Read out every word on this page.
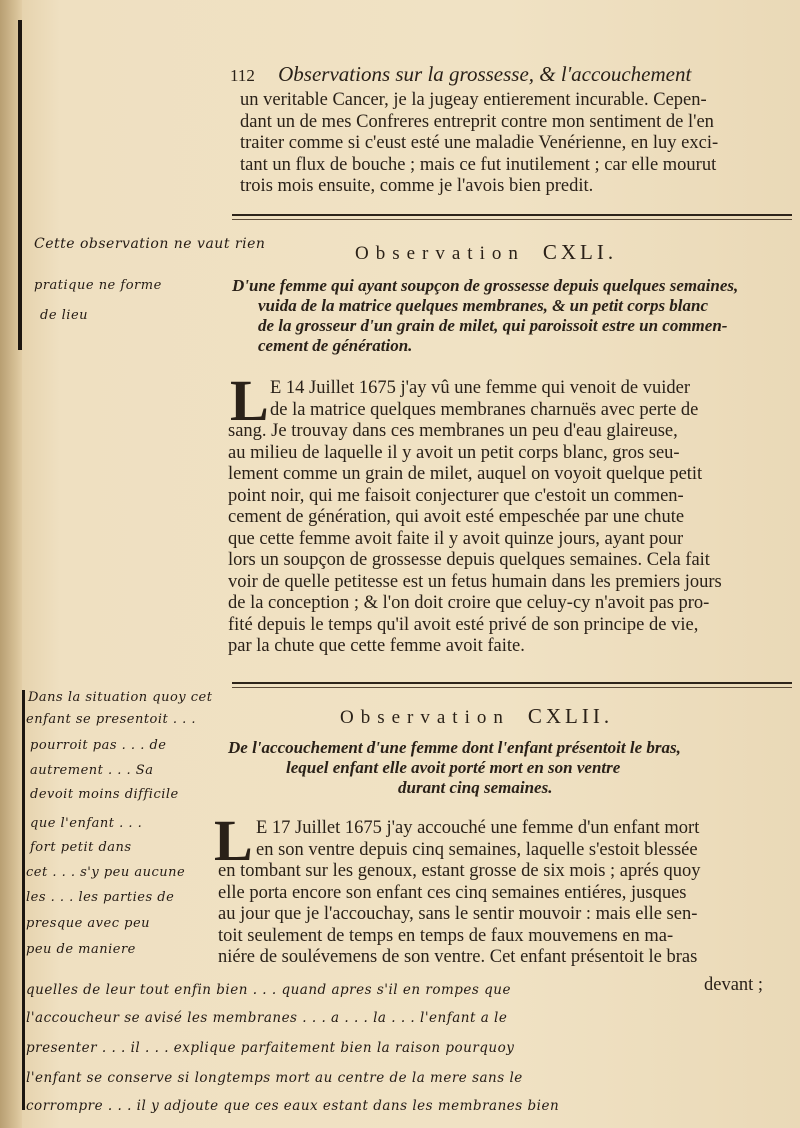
112 Observations sur la grossesse, & l'accouchement
un veritable Cancer, je la jugeay entierement incurable. Cepen-
dant un de mes Confreres entreprit contre mon sentiment de l'en
traiter comme si c'eust esté une maladie Venérienne, en luy exci-
tant un flux de bouche ; mais ce fut inutilement ; car elle mourut
trois mois ensuite, comme je l'avois bien predit.
Observation CXLI.
D'une femme qui ayant soupçon de grossesse depuis quelques semaines,
vuida de la matrice quelques membranes, & un petit corps blanc
de la grosseur d'un grain de milet, qui paroissoit estre un commen-
cement de génération.
L E 14 Juillet 1675 j'ay vû une femme qui venoit de vuider
de la matrice quelques membranes charnuës avec perte de
sang. Je trouvay dans ces membranes un peu d'eau glaireuse,
au milieu de laquelle il y avoit un petit corps blanc, gros seu-
lement comme un grain de milet, auquel on voyoit quelque petit
point noir, qui me faisoit conjecturer que c'estoit un commen-
cement de génération, qui avoit esté empeschée par une chute
que cette femme avoit faite il y avoit quinze jours, ayant pour
lors un soupçon de grossesse depuis quelques semaines. Cela fait
voir de quelle petitesse est un fetus humain dans les premiers jours
de la conception ; & l'on doit croire que celuy-cy n'avoit pas pro-
fité depuis le temps qu'il avoit esté privé de son principe de vie,
par la chute que cette femme avoit faite.
Observation CXLII.
De l'accouchement d'une femme dont l'enfant présentoit le bras,
lequel enfant elle avoit porté mort en son ventre
durant cinq semaines.
L E 17 Juillet 1675 j'ay accouché une femme d'un enfant mort
en son ventre depuis cinq semaines, laquelle s'estoit blessée
en tombant sur les genoux, estant grosse de six mois ; aprés quoy
elle porta encore son enfant ces cinq semaines entiéres, jusques
au jour que je l'accouchay, sans le sentir mouvoir : mais elle sen-
toit seulement de temps en temps de faux mouvemens en ma-
niére de soulévemens de son ventre. Cet enfant présentoit le bras
devant ;
Cette observation ne vaut rien
pratique ne forme
de lieu
Dans la situation quoy cet
enfant se presentoit . . .
pourroit pas . . . de
autrement . . . Sa
devoit moins difficile
que l'enfant . . .
fort petit dans
cet . . . s'y peu aucune
les . . . les parties de
presque avec peu
peu de maniere
quelles de leur tout enfin bien . . . quand apres s'il en rompes que
l'accoucheur se avisé les membranes . . . a . . . la . . . l'enfant a le
presenter . . . il . . . explique parfaitement bien la raison pourquoy
l'enfant se conserve si longtemps mort au centre de la mere sans le
corrompre . . . il y adjoute que ces eaux estant dans les membranes bien
